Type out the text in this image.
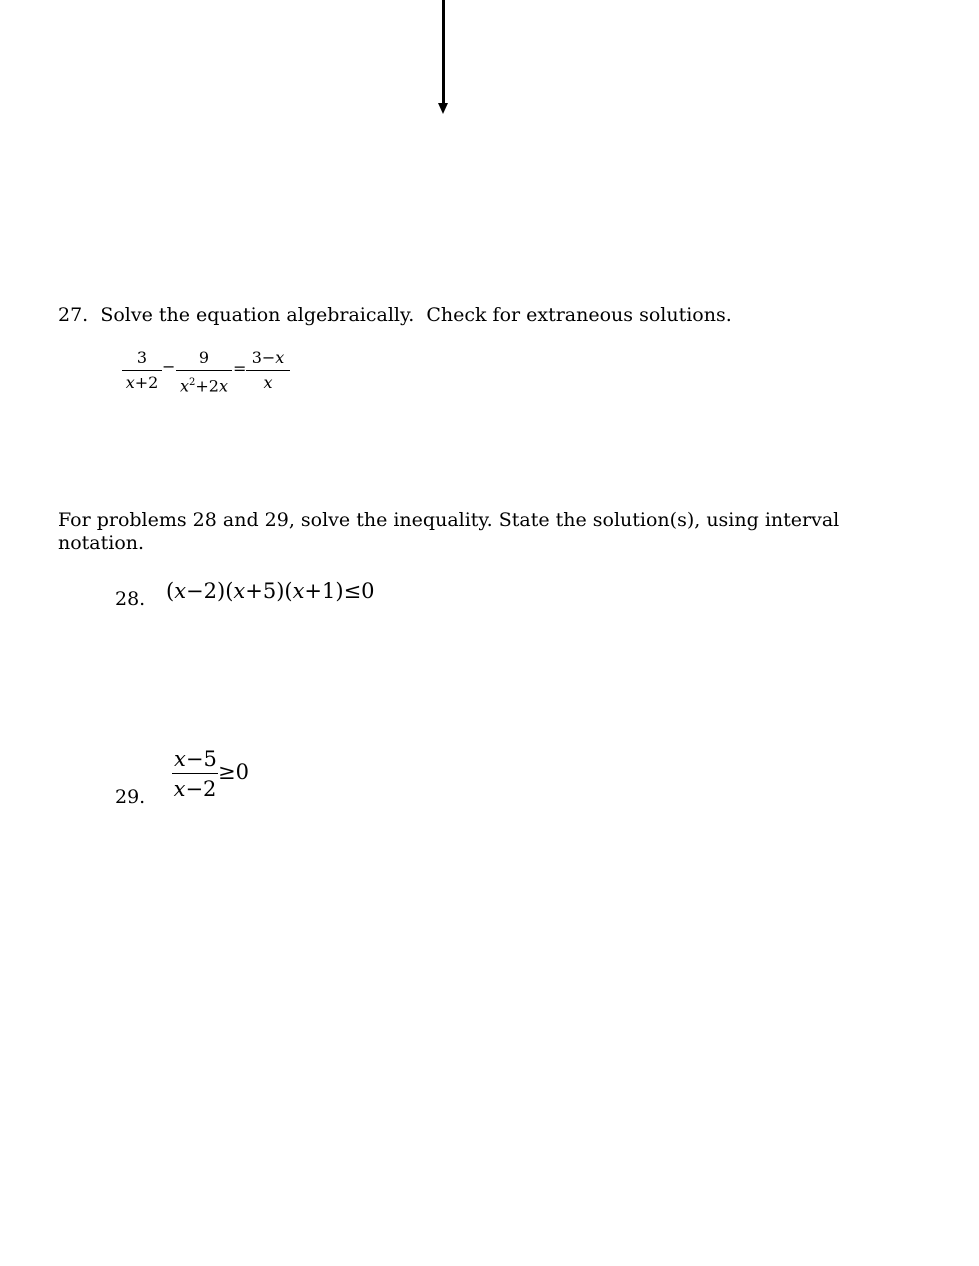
27. Solve the equation algebraically.  Check for extraneous solutions.
$\frac{3}{x+2} - \frac{9}{x^2+2x} = \frac{3-x}{x}$
For problems 28 and 29, solve the inequality. State the solution(s), using interval notation.
28. (x−2)(x+5)(x+1)≤0
29. $\frac{x-5}{x-2} \ge 0$
